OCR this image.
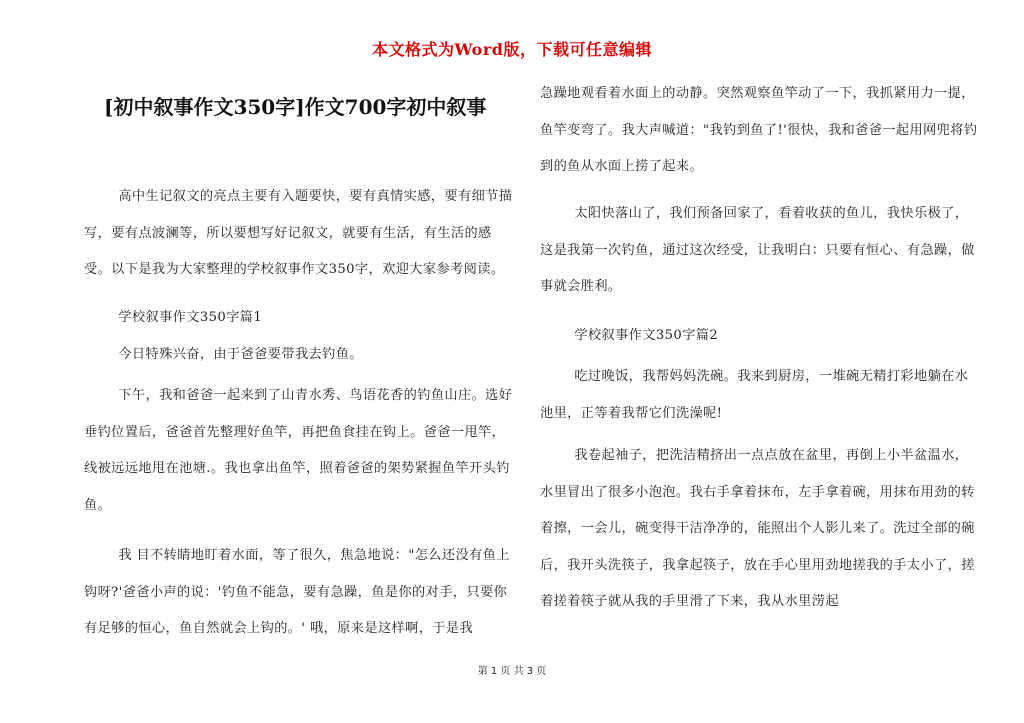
本文格式为Word版，下载可任意编辑
[初中叙事作文350字]作文700字初中叙事
高中生记叙文的亮点主要有入题要快，要有真情实感，要有细节描写，要有点波澜等，所以要想写好记叙文，就要有生活，有生活的感受。以下是我为大家整理的学校叙事作文350字，欢迎大家参考阅读。
学校叙事作文350字篇1
今日特殊兴奋，由于爸爸要带我去钓鱼。
下午，我和爸爸一起来到了山青水秀、鸟语花香的钓鱼山庄。选好垂钓位置后，爸爸首先整理好鱼竿，再把鱼食挂在钩上。爸爸一甩竿，线被远远地甩在池塘.。我也拿出鱼竿，照着爸爸的架势紧握鱼竿开头钓鱼。
我 目不转睛地盯着水面，等了很久，焦急地说："怎么还没有鱼上钩呀?'爸爸小声的说：'钓鱼不能急，要有急躁，鱼是你的对手，只要你有足够的恒心，鱼自然就会上钩的。' 哦，原来是这样啊，于是我
急躁地观看着水面上的动静。突然观察鱼竿动了一下，我抓紧用力一提，鱼竿变弯了。我大声喊道："我钓到鱼了!'很快，我和爸爸一起用网兜将钓到的鱼从水面上捞了起来。
太阳快落山了，我们预备回家了，看着收获的鱼儿，我快乐极了，这是我第一次钓鱼，通过这次经受，让我明白：只要有恒心、有急躁，做事就会胜利。
学校叙事作文350字篇2
吃过晚饭，我帮妈妈洗碗。我来到厨房，一堆碗无精打彩地躺在水池里，正等着我帮它们洗澡呢!
我卷起袖子，把洗洁精挤出一点点放在盆里，再倒上小半盆温水，水里冒出了很多小泡泡。我右手拿着抹布，左手拿着碗，用抹布用劲的转着擦，一会儿，碗变得干洁净净的，能照出个人影儿来了。洗过全部的碗后，我开头洗筷子，我拿起筷子，放在手心里用劲地搓我的手太小了，搓着搓着筷子就从我的手里滑了下来，我从水里涝起
第 1 页 共 3 页
